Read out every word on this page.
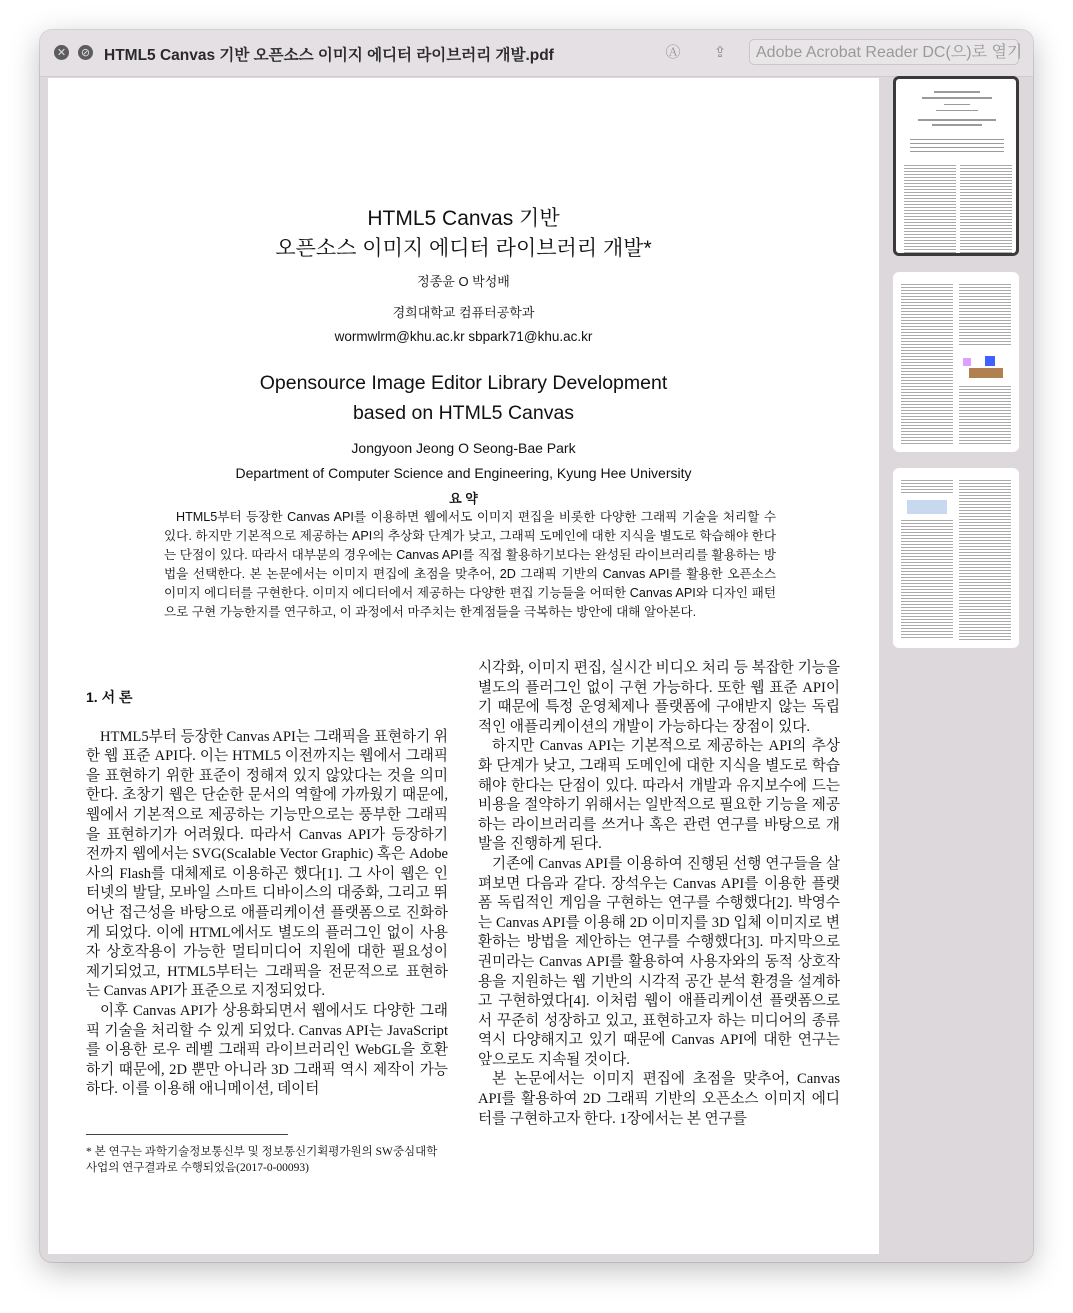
✕ ⊘ HTML5 Canvas 기반 오픈소스 이미지 에디터 라이브러리 개발.pdf	Ⓐ ⇪	Adobe Acrobat Reader DC(으)로 열기
HTML5 Canvas 기반
오픈소스 이미지 에디터 라이브러리 개발*
정종윤 O 박성배
경희대학교 컴퓨터공학과
wormwlrm@khu.ac.kr sbpark71@khu.ac.kr
Opensource Image Editor Library Development
based on HTML5 Canvas
Jongyoon Jeong O Seong-Bae Park
Department of Computer Science and Engineering, Kyung Hee University
요 약
HTML5부터 등장한 Canvas API를 이용하면 웹에서도 이미지 편집을 비롯한 다양한 그래픽 기술을 처리할 수 있다. 하지만 기본적으로 제공하는 API의 추상화 단계가 낮고, 그래픽 도메인에 대한 지식을 별도로 학습해야 한다는 단점이 있다. 따라서 대부분의 경우에는 Canvas API를 직접 활용하기보다는 완성된 라이브러리를 활용하는 방법을 선택한다. 본 논문에서는 이미지 편집에 초점을 맞추어, 2D 그래픽 기반의 Canvas API를 활용한 오픈소스 이미지 에디터를 구현한다. 이미지 에디터에서 제공하는 다양한 편집 기능들을 어떠한 Canvas API와 디자인 패턴으로 구현 가능한지를 연구하고, 이 과정에서 마주치는 한계점들을 극복하는 방안에 대해 알아본다.
1. 서 론

HTML5부터 등장한 Canvas API는 그래픽을 표현하기 위한 웹 표준 API다. 이는 HTML5 이전까지는 웹에서 그래픽을 표현하기 위한 표준이 정해져 있지 않았다는 것을 의미한다. 초창기 웹은 단순한 문서의 역할에 가까웠기 때문에, 웹에서 기본적으로 제공하는 기능만으로는 풍부한 그래픽을 표현하기가 어려웠다. 따라서 Canvas API가 등장하기 전까지 웹에서는 SVG(Scalable Vector Graphic) 혹은 Adobe사의 Flash를 대체제로 이용하곤 했다[1]. 그 사이 웹은 인터넷의 발달, 모바일 스마트 디바이스의 대중화, 그리고 뛰어난 접근성을 바탕으로 애플리케이션 플랫폼으로 진화하게 되었다. 이에 HTML에서도 별도의 플러그인 없이 사용자 상호작용이 가능한 멀티미디어 지원에 대한 필요성이 제기되었고, HTML5부터는 그래픽을 전문적으로 표현하는 Canvas API가 표준으로 지정되었다.

이후 Canvas API가 상용화되면서 웹에서도 다양한 그래픽 기술을 처리할 수 있게 되었다. Canvas API는 JavaScript를 이용한 로우 레벨 그래픽 라이브러리인 WebGL을 호환하기 때문에, 2D 뿐만 아니라 3D 그래픽 역시 제작이 가능하다. 이를 이용해 애니메이션, 데이터

시각화, 이미지 편집, 실시간 비디오 처리 등 복잡한 기능을 별도의 플러그인 없이 구현 가능하다. 또한 웹 표준 API이기 때문에 특정 운영체제나 플랫폼에 구애받지 않는 독립적인 애플리케이션의 개발이 가능하다는 장점이 있다.

하지만 Canvas API는 기본적으로 제공하는 API의 추상화 단계가 낮고, 그래픽 도메인에 대한 지식을 별도로 학습해야 한다는 단점이 있다. 따라서 개발과 유지보수에 드는 비용을 절약하기 위해서는 일반적으로 필요한 기능을 제공하는 라이브러리를 쓰거나 혹은 관련 연구를 바탕으로 개발을 진행하게 된다.

기존에 Canvas API를 이용하여 진행된 선행 연구들을 살펴보면 다음과 같다. 장석우는 Canvas API를 이용한 플랫폼 독립적인 게임을 구현하는 연구를 수행했다[2]. 박영수는 Canvas API를 이용해 2D 이미지를 3D 입체 이미지로 변환하는 방법을 제안하는 연구를 수행했다[3]. 마지막으로 권미라는 Canvas API를 활용하여 사용자와의 동적 상호작용을 지원하는 웹 기반의 시각적 공간 분석 환경을 설계하고 구현하였다[4]. 이처럼 웹이 애플리케이션 플랫폼으로서 꾸준히 성장하고 있고, 표현하고자 하는 미디어의 종류 역시 다양해지고 있기 때문에 Canvas API에 대한 연구는 앞으로도 지속될 것이다.

본 논문에서는 이미지 편집에 초점을 맞추어, Canvas API를 활용하여 2D 그래픽 기반의 오픈소스 이미지 에디터를 구현하고자 한다. 1장에서는 본 연구를

* 본 연구는 과학기술정보통신부 및 정보통신기획평가원의 SW중심대학 사업의 연구결과로 수행되었음(2017-0-00093)
